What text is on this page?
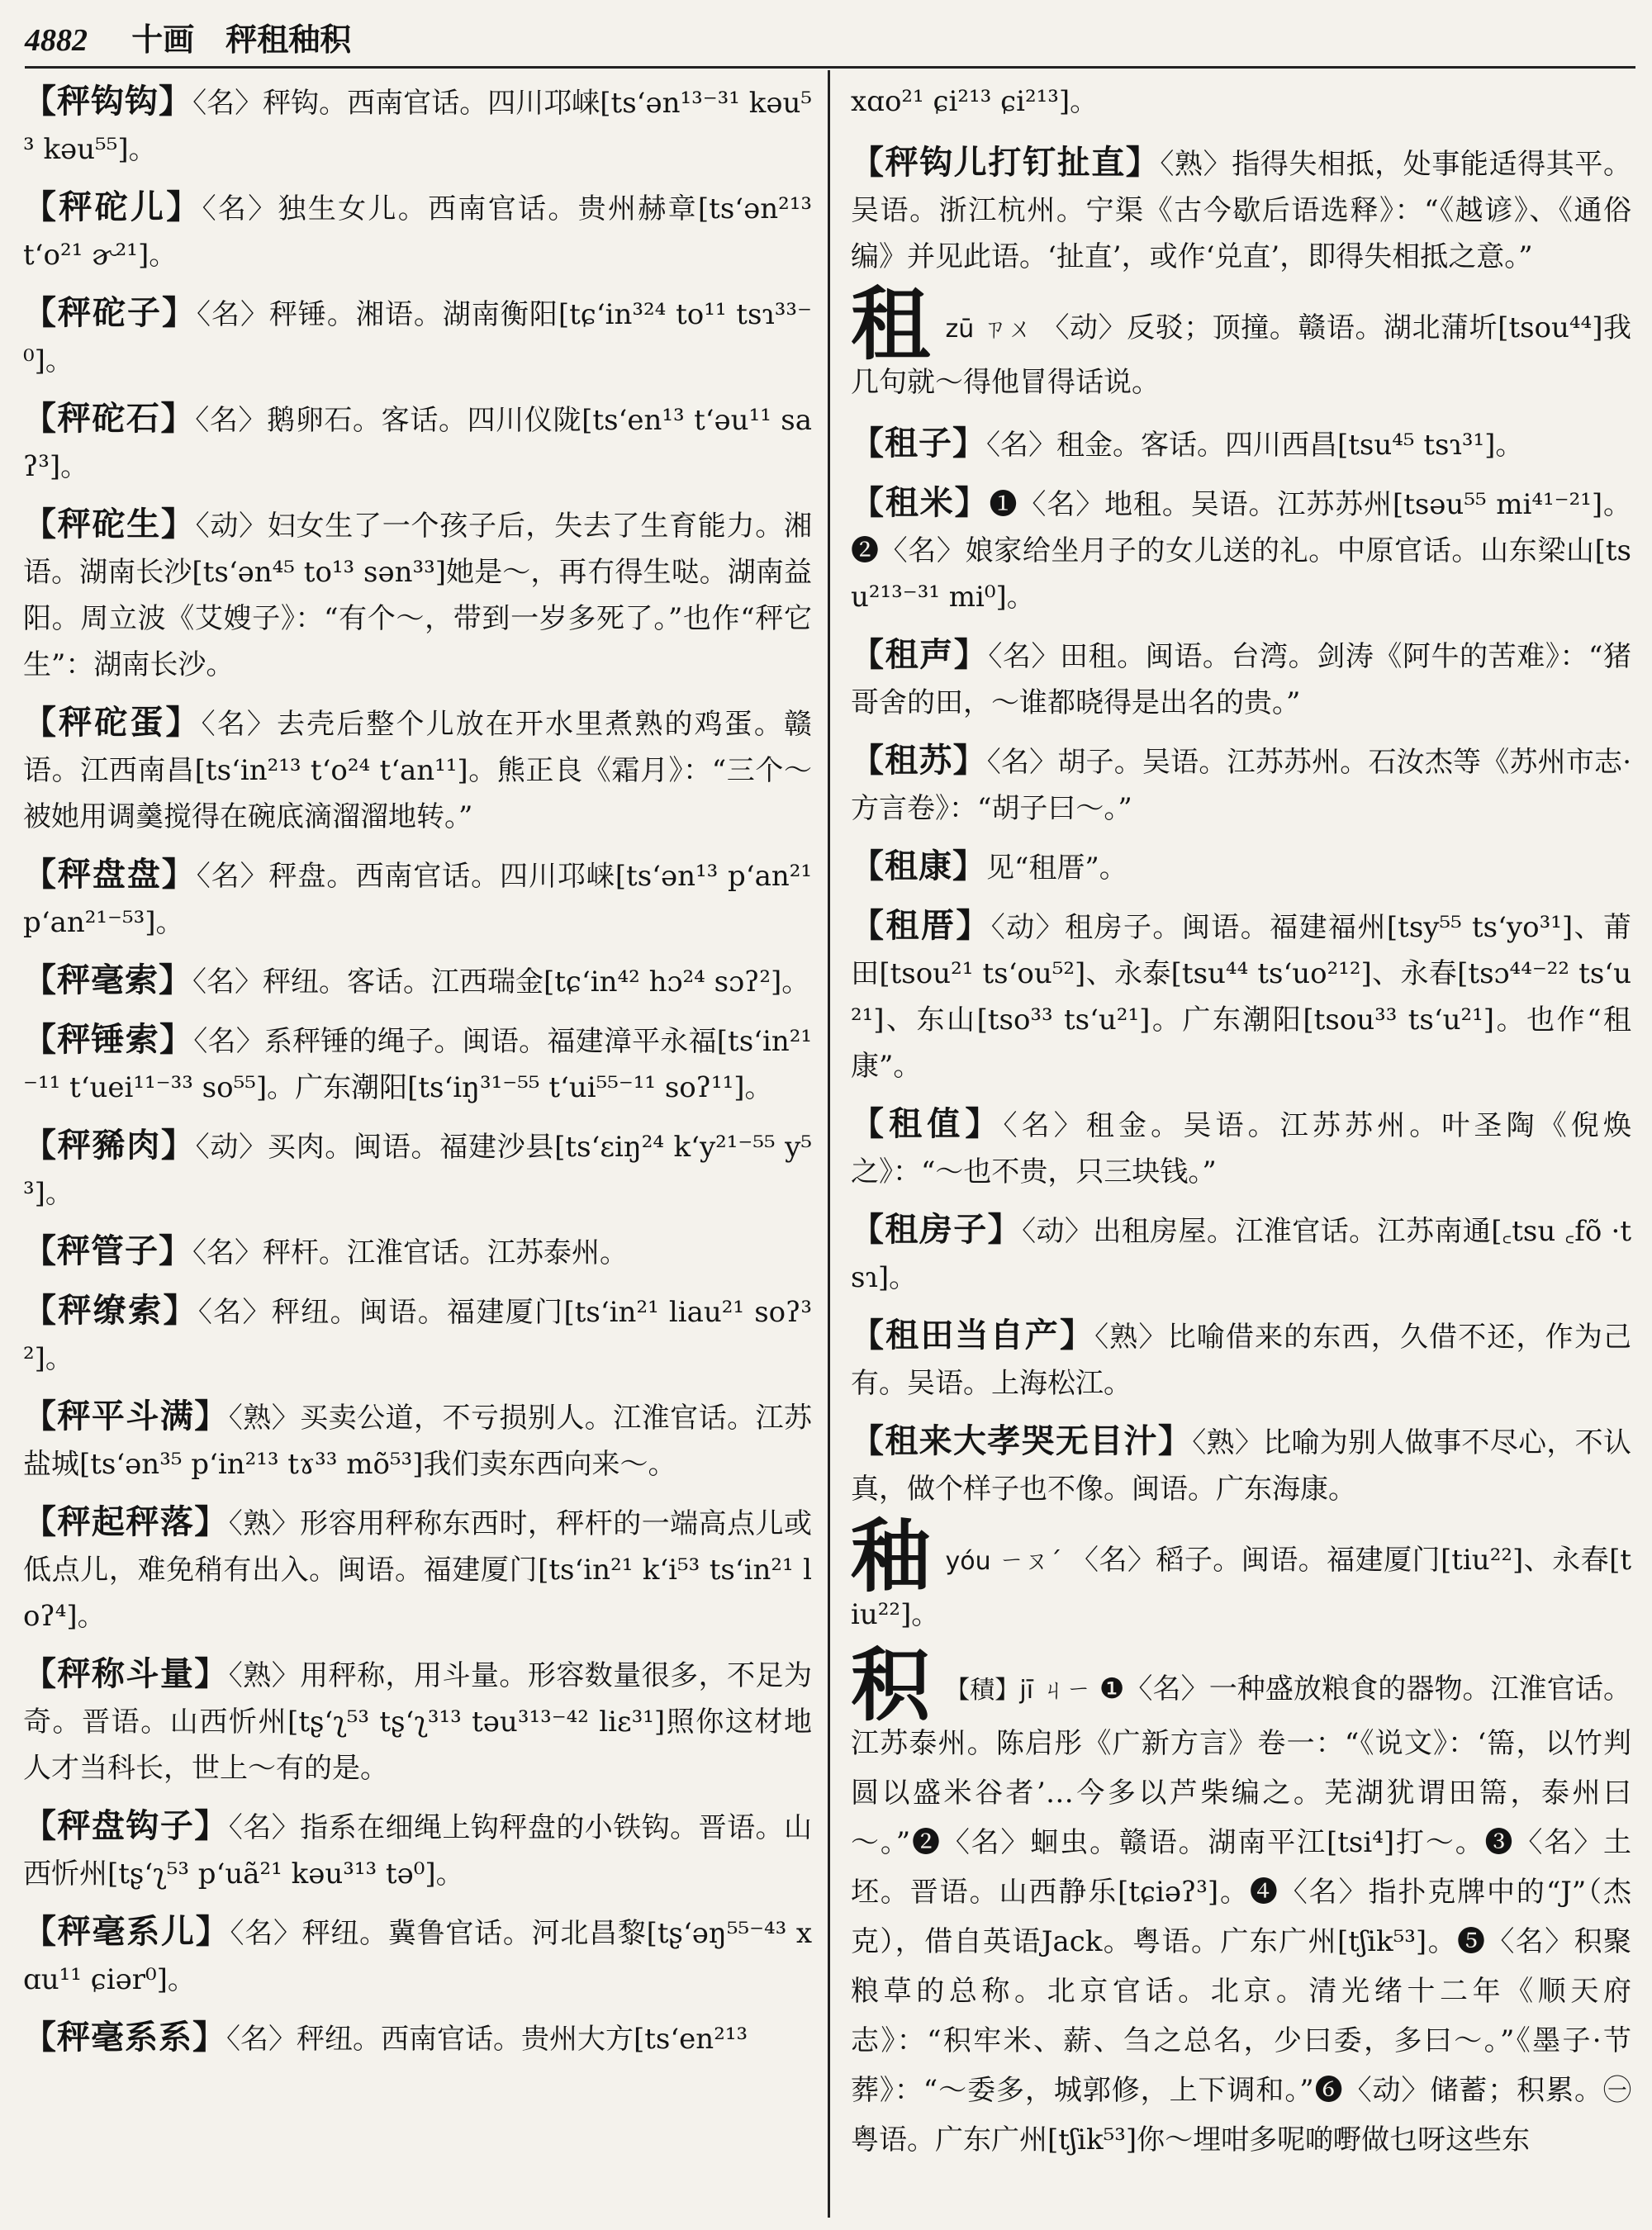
4882 十画　秤租秞积

【秤钩钩】〈名〉秤钩。西南官话。四川邛崃[ts‘ən¹³⁻³¹ kəu⁵³ kəu⁵⁵]。

【秤砣儿】〈名〉独生女儿。西南官话。贵州赫章[ts‘ən²¹³ t‘o²¹ ɚ²¹]。

【秤砣子】〈名〉秤锤。湘语。湖南衡阳[tɕ‘in³²⁴ to¹¹ tsɿ³³⁻⁰]。

【秤砣石】〈名〉鹅卵石。客话。四川仪陇[ts‘en¹³ t‘əu¹¹ saʔ³]。

【秤砣生】〈动〉妇女生了一个孩子后，失去了生育能力。湘语。湖南长沙[ts‘ən⁴⁵ to¹³ sən³³]她是～，再冇得生哒。湖南益阳。周立波《艾嫂子》：“有个～，带到一岁多死了。”也作“秤它生”：湖南长沙。

【秤砣蛋】〈名〉去壳后整个儿放在开水里煮熟的鸡蛋。赣语。江西南昌[ts‘in²¹³ t‘o²⁴ t‘an¹¹]。熊正良《霜月》：“三个～被她用调羹搅得在碗底滴溜溜地转。”

【秤盘盘】〈名〉秤盘。西南官话。四川邛崃[ts‘ən¹³ p‘an²¹ p‘an²¹⁻⁵³]。

【秤毫索】〈名〉秤纽。客话。江西瑞金[tɕ‘in⁴² hɔ²⁴ sɔʔ²]。

【秤锤索】〈名〉系秤锤的绳子。闽语。福建漳平永福[ts‘in²¹⁻¹¹ t‘uei¹¹⁻³³ so⁵⁵]。广东潮阳[ts‘iŋ³¹⁻⁵⁵ t‘ui⁵⁵⁻¹¹ soʔ¹¹]。

【秤豨肉】〈动〉买肉。闽语。福建沙县[ts‘ɛiŋ²⁴ k‘y²¹⁻⁵⁵ y⁵³]。

【秤管子】〈名〉秤杆。江淮官话。江苏泰州。

【秤缭索】〈名〉秤纽。闽语。福建厦门[ts‘in²¹ liau²¹ soʔ³²]。

【秤平斗满】〈熟〉买卖公道，不亏损别人。江淮官话。江苏盐城[ts‘ən³⁵ p‘in²¹³ tɤ³³ mõ⁵³]我们卖东西向来～。

【秤起秤落】〈熟〉形容用秤称东西时，秤杆的一端高点儿或低点儿，难免稍有出入。闽语。福建厦门[ts‘in²¹ k‘i⁵³ ts‘in²¹ loʔ⁴]。

【秤称斗量】〈熟〉用秤称，用斗量。形容数量很多，不足为奇。晋语。山西忻州[tʂ‘ʅ⁵³ tʂ‘ʅ³¹³ təu³¹³⁻⁴² liɛ³¹]照你这材地人才当科长，世上～有的是。

【秤盘钩子】〈名〉指系在细绳上钩秤盘的小铁钩。晋语。山西忻州[tʂ‘ʅ⁵³ p‘uã²¹ kəu³¹³ tə⁰]。

【秤毫系儿】〈名〉秤纽。冀鲁官话。河北昌黎[tʂ‘əŋ⁵⁵⁻⁴³ xɑu¹¹ ɕiər⁰]。

【秤毫系系】〈名〉秤纽。西南官话。贵州大方[ts‘en²¹³

xɑo²¹ ɕi²¹³ ɕi²¹³]。

【秤钩儿打钉扯直】〈熟〉指得失相抵，处事能适得其平。吴语。浙江杭州。宁渠《古今歇后语选释》：“《越谚》、《通俗编》并见此语。‘扯直’，或作‘兑直’，即得失相抵之意。”

租zū ㄗㄨ 〈动〉反驳；顶撞。赣语。湖北蒲圻[tsou⁴⁴]我几句就～得他冒得话说。

【租子】〈名〉租金。客话。四川西昌[tsu⁴⁵ tsɿ³¹]。

【租米】❶〈名〉地租。吴语。江苏苏州[tsəu⁵⁵ mi⁴¹⁻²¹]。❷〈名〉娘家给坐月子的女儿送的礼。中原官话。山东梁山[tsu²¹³⁻³¹ mi⁰]。

【租声】〈名〉田租。闽语。台湾。剑涛《阿牛的苦难》：“猪哥舍的田，～谁都晓得是出名的贵。”

【租苏】〈名〉胡子。吴语。江苏苏州。石汝杰等《苏州市志·方言卷》：“胡子曰～。”

【租康】见“租厝”。

【租厝】〈动〉租房子。闽语。福建福州[tsy⁵⁵ ts‘yo³¹]、莆田[tsou²¹ ts‘ou⁵²]、永泰[tsu⁴⁴ ts‘uo²¹²]、永春[tsɔ⁴⁴⁻²² ts‘u²¹]、东山[tso³³ ts‘u²¹]。广东潮阳[tsou³³ ts‘u²¹]。也作“租康”。

【租值】〈名〉租金。吴语。江苏苏州。叶圣陶《倪焕之》：“～也不贵，只三块钱。”

【租房子】〈动〉出租房屋。江淮官话。江苏南通[꜀tsu ꜀fõ ·tsɿ]。

【租田当自产】〈熟〉比喻借来的东西，久借不还，作为己有。吴语。上海松江。

【租来大孝哭无目汁】〈熟〉比喻为别人做事不尽心，不认真，做个样子也不像。闽语。广东海康。

秞yóu ㄧㄡˊ 〈名〉稻子。闽语。福建厦门[tiu²²]、永春[tiu²²]。

积 【積】jī ㄐㄧ ❶〈名〉一种盛放粮食的器物。江淮官话。江苏泰州。陈启彤《广新方言》卷一：“《说文》：‘篅，以竹判圆以盛米谷者’…今多以芦柴编之。芜湖犹谓田篅，泰州曰～。”❷〈名〉蛔虫。赣语。湖南平江[tsi⁴]打～。❸〈名〉土坯。晋语。山西静乐[tɕiəʔ³]。❹〈名〉指扑克牌中的“J”（杰克），借自英语Jack。粤语。广东广州[tʃik⁵³]。❺〈名〉积聚粮草的总称。北京官话。北京。清光绪十二年《顺天府志》：“积牢米、薪、刍之总名，少曰委，多曰～。”《墨子·节葬》：“～委多，城郭修，上下调和。”❻〈动〉储蓄；积累。㊀粤语。广东广州[tʃik⁵³]你～埋咁多呢啲嘢做乜呀这些东
